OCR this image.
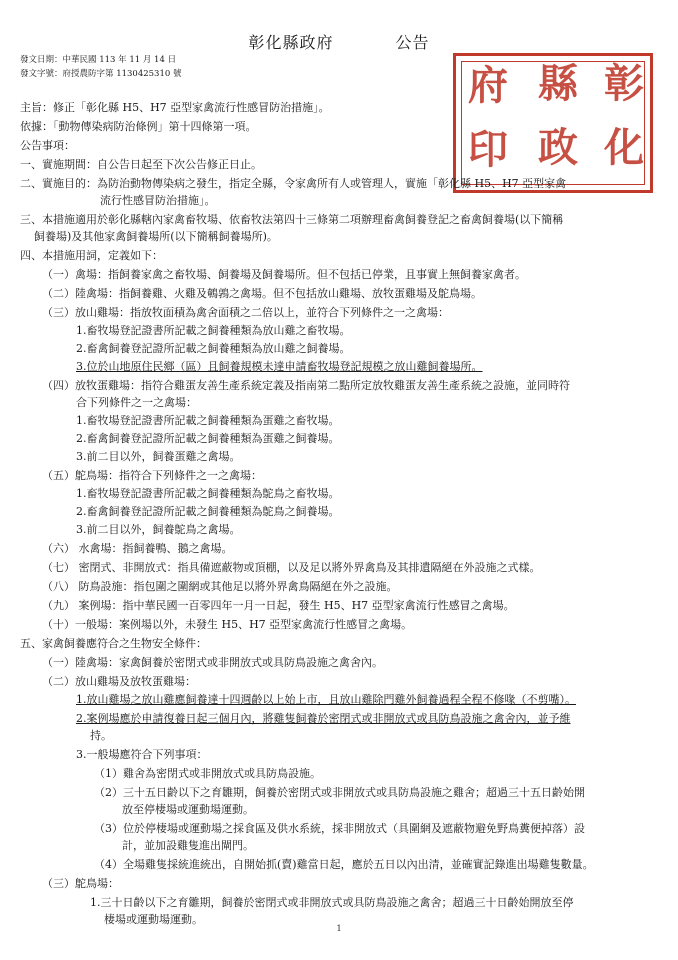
彰化縣政府	公告
發文日期：中華民國 113 年 11 月 14 日
發文字號：府授農防字第 1130425310 號	彰
縣
府
化
政
印
主旨：修正「彰化縣 H5、H7 亞型家禽流行性感冒防治措施」。
依據：「動物傳染病防治條例」第十四條第一項。
公告事項：
一、實施期間：自公告日起至下次公告修正日止。
二、實施目的：為防治動物傳染病之發生，指定全縣，令家禽所有人或管理人，實施「彰化縣 H5、H7 亞型家禽
流行性感冒防治措施」。
三、本措施適用於彰化縣轄內家禽畜牧場、依畜牧法第四十三條第二項辦理畜禽飼養登記之畜禽飼養場(以下簡稱
飼養場)及其他家禽飼養場所(以下簡稱飼養場所)。
四、本措施用詞，定義如下：
（一）禽場：指飼養家禽之畜牧場、飼養場及飼養場所。但不包括已停業，且事實上無飼養家禽者。
（二）陸禽場：指飼養雞、火雞及鵪鶉之禽場。但不包括放山雞場、放牧蛋雞場及鴕鳥場。
（三）放山雞場：指放牧面積為禽舍面積之二倍以上，並符合下列條件之一之禽場：
1.畜牧場登記證書所記載之飼養種類為放山雞之畜牧場。
2.畜禽飼養登記證所記載之飼養種類為放山雞之飼養場。
3.位於山地原住民鄉（區）且飼養規模未達申請畜牧場登記規模之放山雞飼養場所。
（四）放牧蛋雞場：指符合雞蛋友善生產系統定義及指南第二點所定放牧雞蛋友善生產系統之設施，並同時符
合下列條件之一之禽場：
1.畜牧場登記證書所記載之飼養種類為蛋雞之畜牧場。
2.畜禽飼養登記證所記載之飼養種類為蛋雞之飼養場。
3.前二目以外，飼養蛋雞之禽場。
（五）鴕鳥場：指符合下列條件之一之禽場：
1.畜牧場登記證書所記載之飼養種類為鴕鳥之畜牧場。
2.畜禽飼養登記證所記載之飼養種類為鴕鳥之飼養場。
3.前二目以外，飼養鴕鳥之禽場。
（六） 水禽場：指飼養鴨、鵝之禽場。
（七） 密閉式、非開放式：指具備遮蔽物或頂棚，以及足以將外界禽鳥及其排遺隔絕在外設施之式樣。
（八） 防鳥設施：指包圍之圍網或其他足以將外界禽鳥隔絕在外之設施。
（九） 案例場：指中華民國一百零四年一月一日起，發生 H5、H7 亞型家禽流行性感冒之禽場。
（十）一般場：案例場以外，未發生 H5、H7 亞型家禽流行性感冒之禽場。
五、家禽飼養應符合之生物安全條件：
（一）陸禽場：家禽飼養於密閉式或非開放式或具防鳥設施之禽舍內。
（二）放山雞場及放牧蛋雞場：
1.放山雞場之放山雞應飼養達十四週齡以上始上市，且放山雞除門雞外飼養過程全程不修喙（不剪嘴）。
2.案例場應於申請復養日起三個月內，將雞隻飼養於密閉式或非開放式或具防鳥設施之禽舍內，並予維
持。
3.一般場應符合下列事項：
（1）雞舍為密閉式或非開放式或具防鳥設施。
（2）三十五日齡以下之育雛期，飼養於密閉式或非開放式或具防鳥設施之雞舍；超過三十五日齡始開
放至停棲場或運動場運動。
（3）位於停棲場或運動場之採食區及供水系統，採非開放式（具圍網及遮蔽物避免野鳥糞便掉落）設
計，並加設雞隻進出閘門。
（4）全場雞隻採統進統出，自開始抓(賣)雞當日起，應於五日以內出清，並確實記錄進出場雞隻數量。
（三）鴕鳥場：
1.三十日齡以下之育雛期，飼養於密閉式或非開放式或具防鳥設施之禽舍；超過三十日齡始開放至停
棲場或運動場運動。
1
